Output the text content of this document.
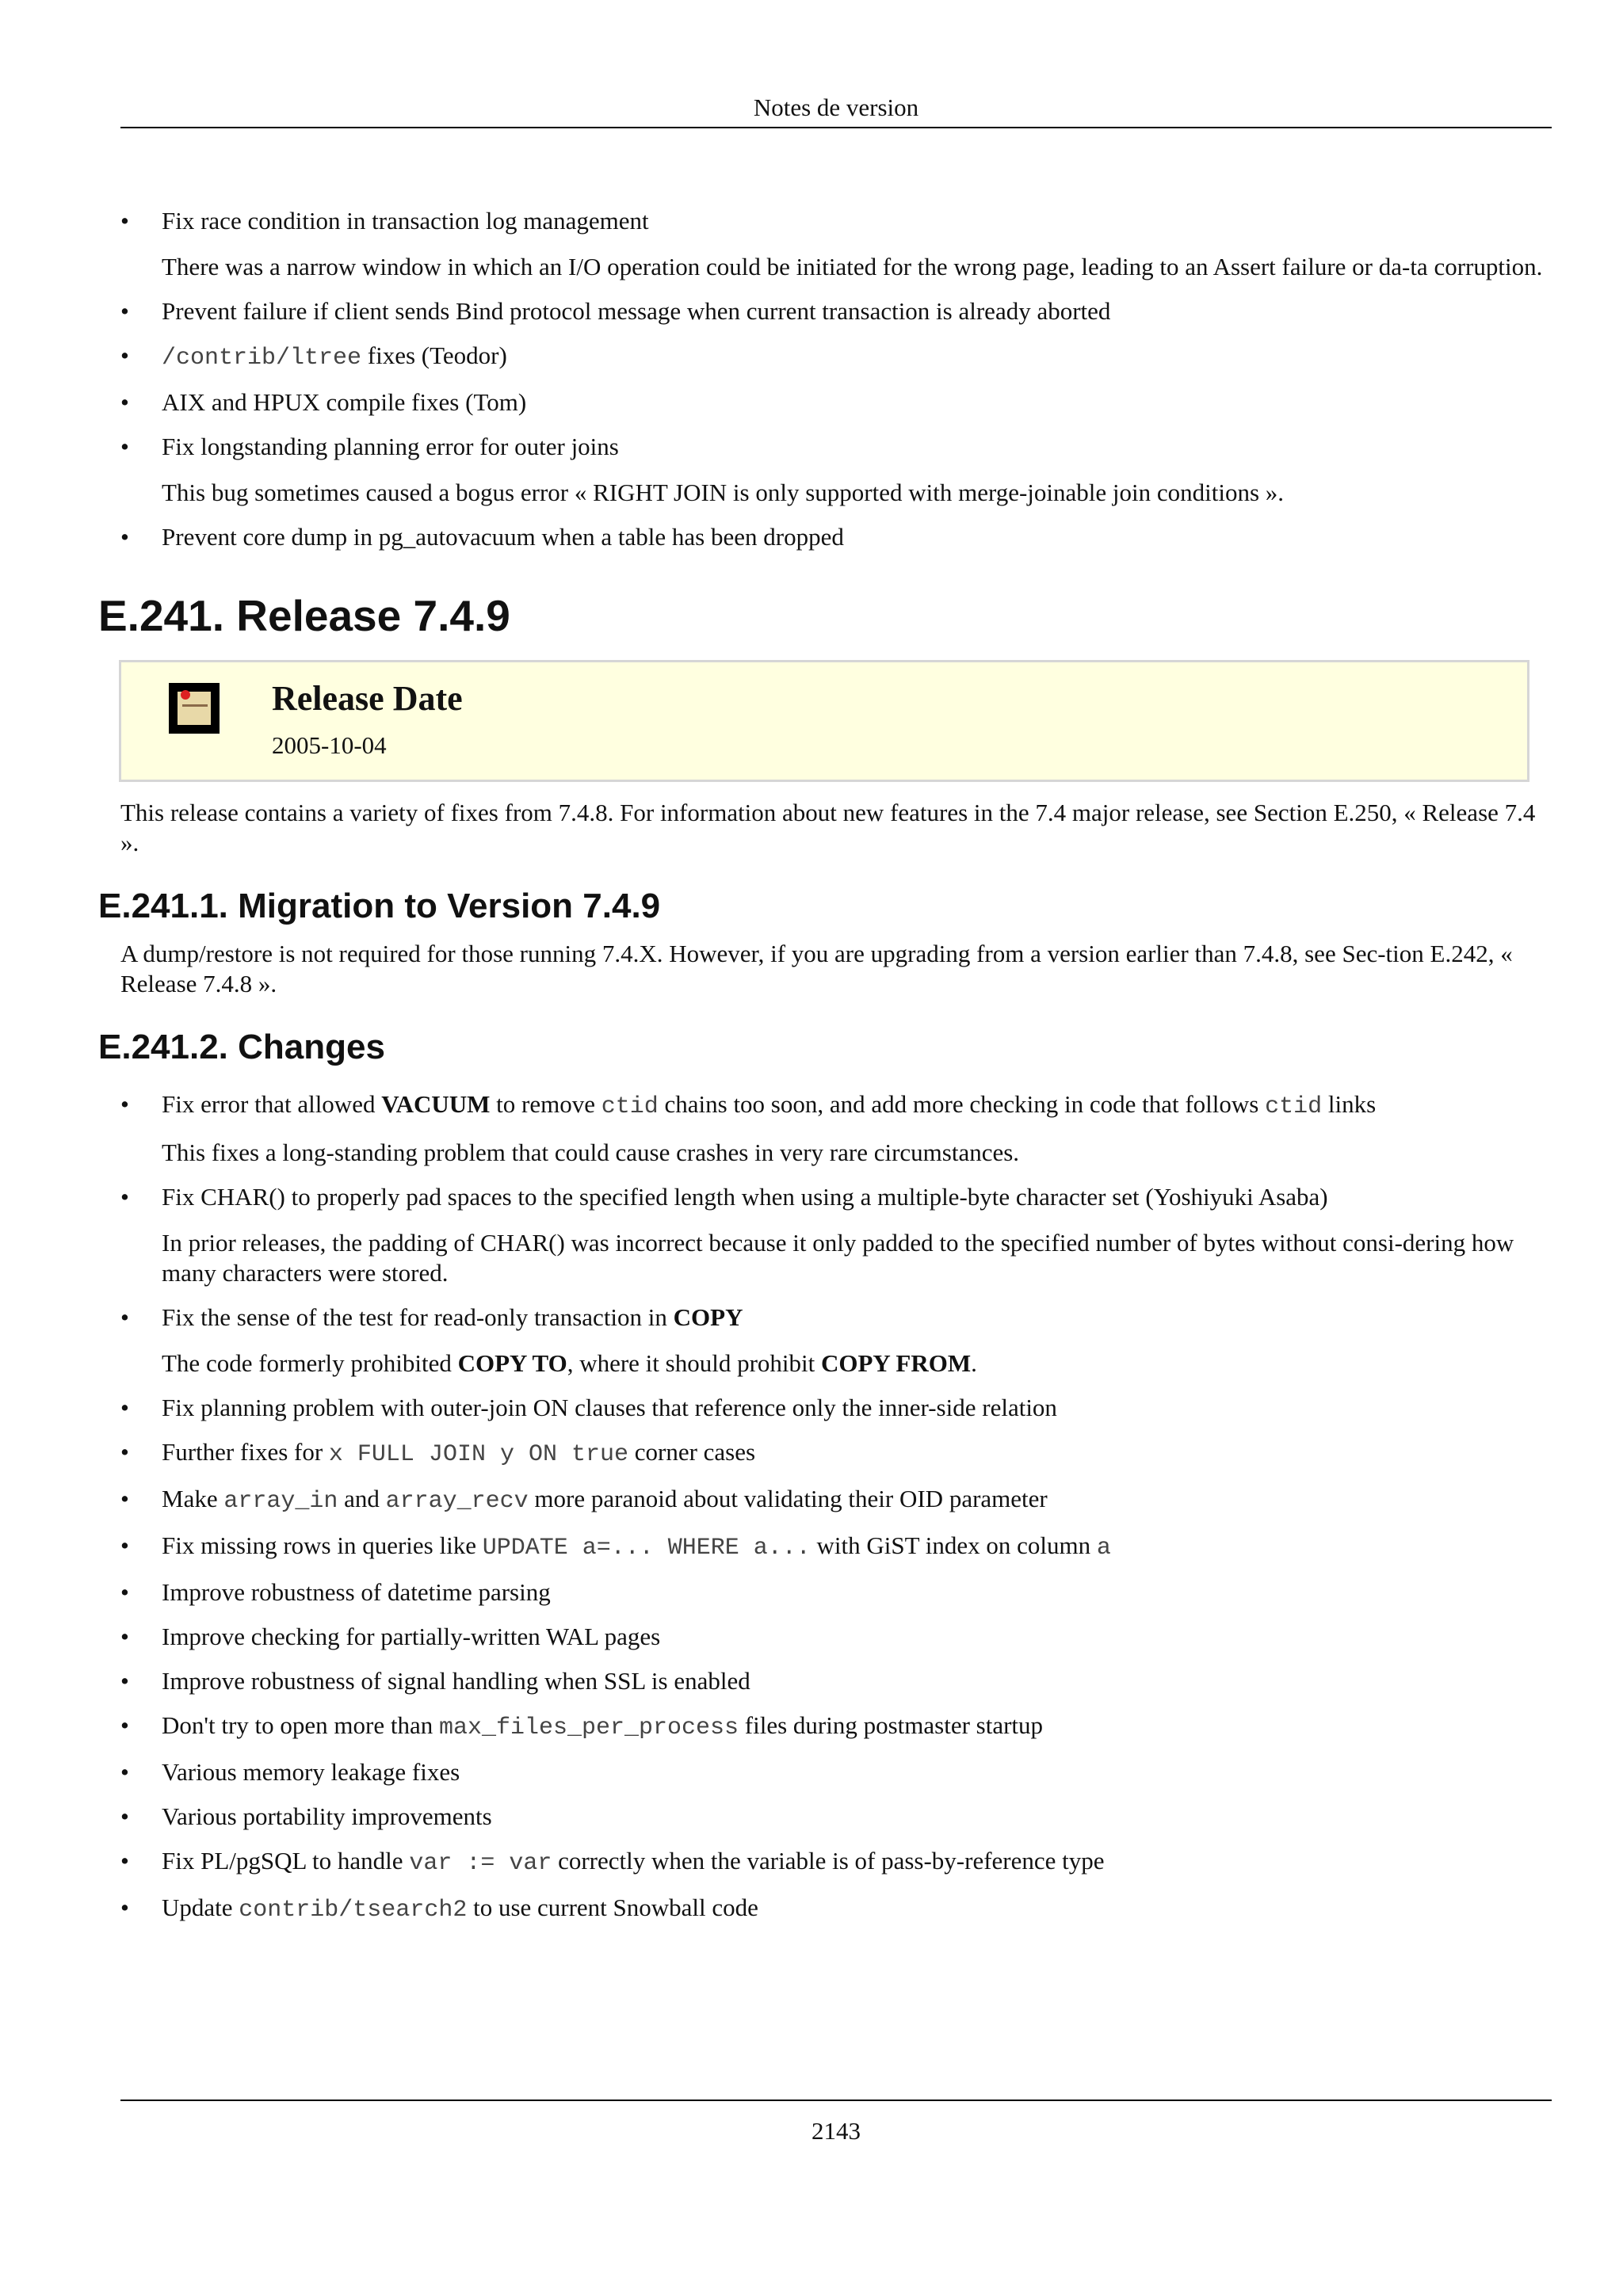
Notes de version
• Fix race condition in transaction log management
There was a narrow window in which an I/O operation could be initiated for the wrong page, leading to an Assert failure or da-ta corruption.
• Prevent failure if client sends Bind protocol message when current transaction is already aborted
• /contrib/ltree fixes (Teodor)
• AIX and HPUX compile fixes (Tom)
• Fix longstanding planning error for outer joins
This bug sometimes caused a bogus error « RIGHT JOIN is only supported with merge-joinable join conditions ».
• Prevent core dump in pg_autovacuum when a table has been dropped
E.241. Release 7.4.9
Release Date
2005-10-04

This release contains a variety of fixes from 7.4.8. For information about new features in the 7.4 major release, see Section E.250, « Release 7.4 ».

E.241.1. Migration to Version 7.4.9

A dump/restore is not required for those running 7.4.X. However, if you are upgrading from a version earlier than 7.4.8, see Sec-tion E.242, « Release 7.4.8 ».

E.241.2. Changes
• Fix error that allowed VACUUM to remove ctid chains too soon, and add more checking in code that follows ctid links
This fixes a long-standing problem that could cause crashes in very rare circumstances.
• Fix CHAR() to properly pad spaces to the specified length when using a multiple-byte character set (Yoshiyuki Asaba)
In prior releases, the padding of CHAR() was incorrect because it only padded to the specified number of bytes without consi-dering how many characters were stored.
• Fix the sense of the test for read-only transaction in COPY
The code formerly prohibited COPY TO, where it should prohibit COPY FROM.
• Fix planning problem with outer-join ON clauses that reference only the inner-side relation
• Further fixes for x FULL JOIN y ON true corner cases
• Make array_in and array_recv more paranoid about validating their OID parameter
• Fix missing rows in queries like UPDATE a=... WHERE a... with GiST index on column a
• Improve robustness of datetime parsing
• Improve checking for partially-written WAL pages
• Improve robustness of signal handling when SSL is enabled
• Don't try to open more than max_files_per_process files during postmaster startup
• Various memory leakage fixes
• Various portability improvements
• Fix PL/pgSQL to handle var := var correctly when the variable is of pass-by-reference type
• Update contrib/tsearch2 to use current Snowball code
2143
